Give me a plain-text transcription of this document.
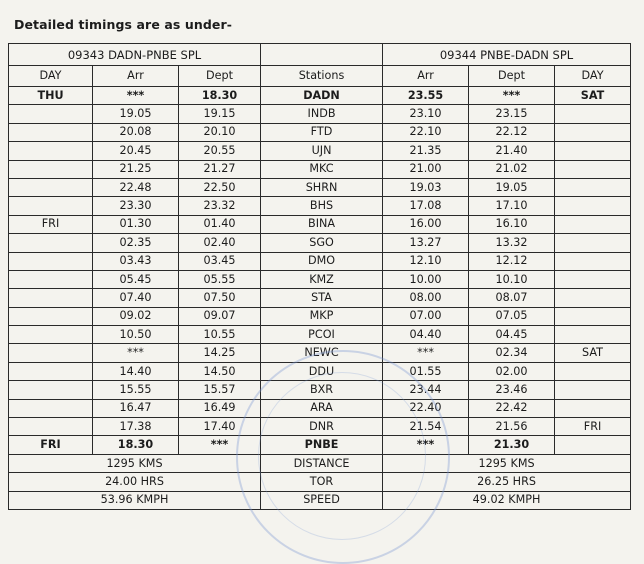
Detailed timings are as under-
09343 DADN-PNBE SPL				09344 PNBE-DADN SPL		
DAY	Arr	Dept	Stations	Arr	Dept	DAY
THU	***	18.30	DADN	23.55	***	SAT
	19.05	19.15	INDB	23.10	23.15	
	20.08	20.10	FTD	22.10	22.12	
	20.45	20.55	UJN	21.35	21.40	
	21.25	21.27	MKC	21.00	21.02	
	22.48	22.50	SHRN	19.03	19.05	
	23.30	23.32	BHS	17.08	17.10	
FRI	01.30	01.40	BINA	16.00	16.10	
	02.35	02.40	SGO	13.27	13.32	
	03.43	03.45	DMO	12.10	12.12	
	05.45	05.55	KMZ	10.00	10.10	
	07.40	07.50	STA	08.00	08.07	
	09.02	09.07	MKP	07.00	07.05	
	10.50	10.55	PCOI	04.40	04.45	
	***	14.25	NEWC	***	02.34	SAT
	14.40	14.50	DDU	01.55	02.00	
	15.55	15.57	BXR	23.44	23.46	
	16.47	16.49	ARA	22.40	22.42	
	17.38	17.40	DNR	21.54	21.56	FRI
FRI	18.30	***	PNBE	***	21.30	
1295 KMS			DISTANCE	1295 KMS		
24.00 HRS			TOR	26.25 HRS		
53.96 KMPH			SPEED	49.02 KMPH		
